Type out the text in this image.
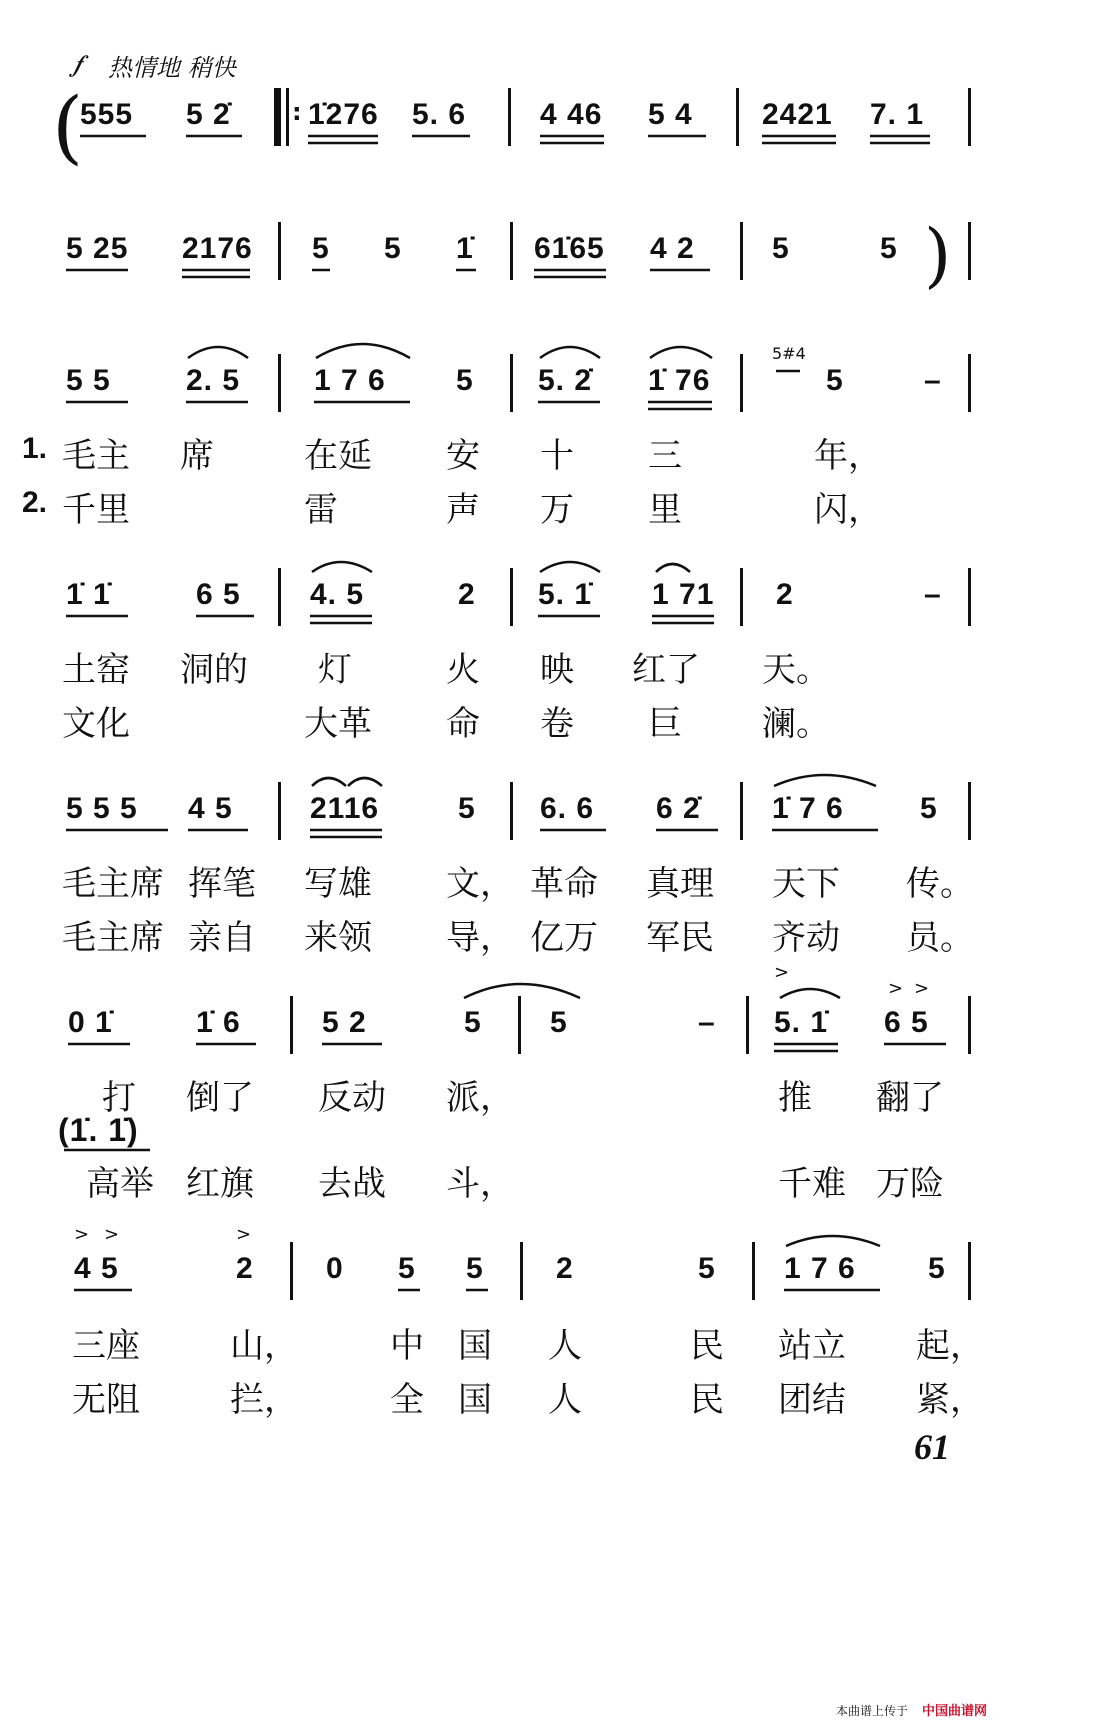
𝆑 热情地 稍快
(
555 5 2̇	: 1̇276 5. 6 4 46 5 4 2421 7. 1
5 25 2176 5 5 1̇ 61̇65 4 2	5	5 )
5 5	2. 5 1 7 6 5 5. 2̇ 1̇ 76
5#4
5	–
1. 毛主 席	在延 安 十 三	年，
2. 千里	雷	声 万 里	闪，
1̇ 1̇	6 5 4. 5	2 5. 1̇ 1 71 2	–
土窑 洞的 灯	火 映 红了 天。
文化	大革 命 卷 巨 澜。
5 5 5 4 5	2116	5 6. 6 6 2̇ 1̇ 7 6	5
毛主席 挥笔 写雄 文， 革命 真理 天下 传。
毛主席 亲自 来领 导， 亿万 军民 齐动 员。
0 1̇	1̇ 6	5 2	5 5	– 5. 1̇ 6 5
打 倒了 反动 派，	推 翻了
(1̇. 1̇)
高举 红旗 去战 斗，	千难 万险
4 5	2 0 5 5 2	5 1 7 6 5
三座	山，	中 国 人	民 站立 起，
无阻	拦，	全 国 人	民 团结 紧，
>
> >
> >	>
61
本曲谱上传于 中国曲谱网
